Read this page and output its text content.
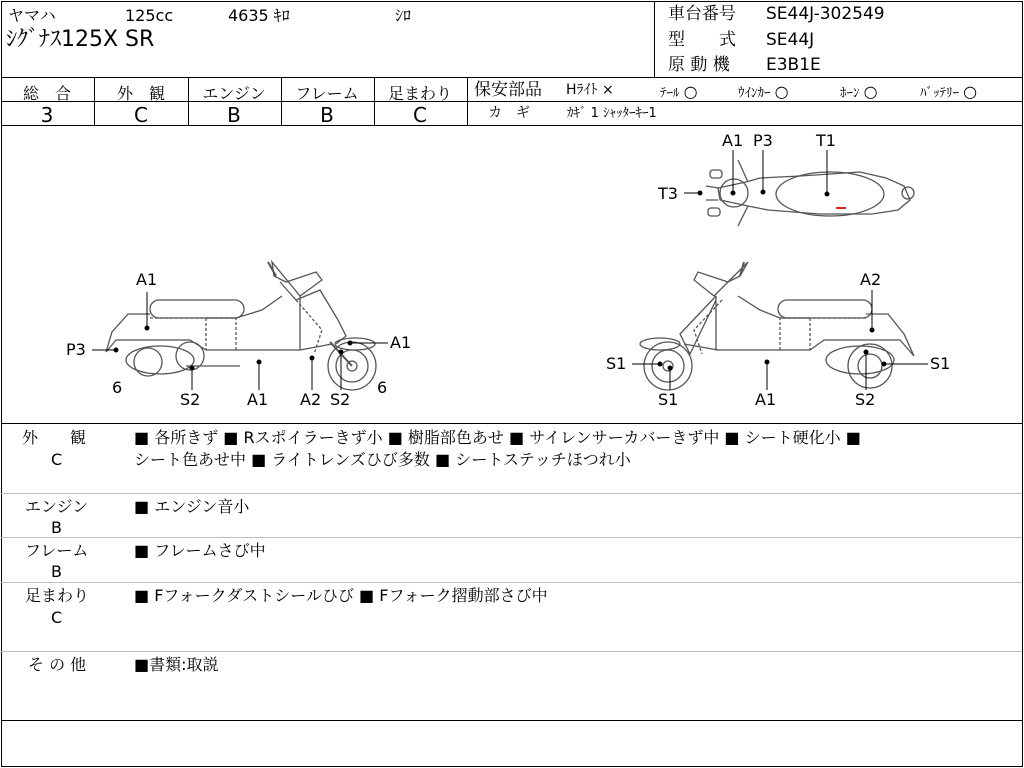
ヤマハ	125cc	4635 ｷﾛ	ｼﾛ
ｼｸﾞﾅｽ125X SR
車台番号 SE44J-302549
型　　式 SE44J
原 動 機 E3B1E
総　合
3
外　観
C
エンジン
B
フレーム
B
足まわり
C
保安部品 Hﾗｲﾄ ×	ﾃｰﾙ ○	ｳｲﾝｶｰ ○	ﾎｰﾝ ○	ﾊﾞｯﾃﾘｰ ○
カ　ギ	ｶｷﾞ 1 ｼｬｯﾀｰｷｰ1
A1
P3
6
S2	A1 A2 S2
A1
6
A1 P3	T1
T3
A2
S1
S1	A1	S2
S1
外　　観
C
■ 各所きず ■ Rスポイラーきず小 ■ 樹脂部色あせ ■ サイレンサーカバーきず中 ■ シート硬化小 ■
シート色あせ中 ■ ライトレンズひび多数 ■ シートステッチほつれ小
エンジン
B
■ エンジン音小
フレーム
B
■ フレームさび中
足まわり
C
■ Fフォークダストシールひび ■ Fフォーク摺動部さび中
そ の 他	■書類:取説
